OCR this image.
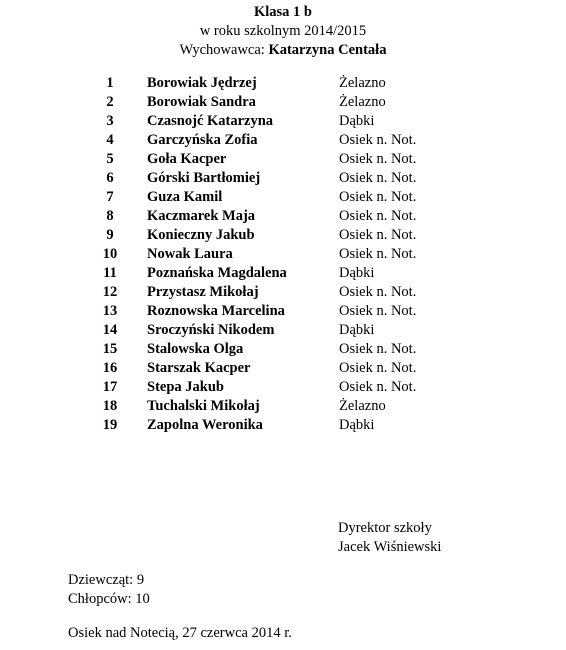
Klasa 1 b
w roku szkolnym 2014/2015
Wychowawca: Katarzyna Centała
1	Borowiak Jędrzej	Żelazno
2	Borowiak Sandra	Żelazno
3	Czasnojć Katarzyna	Dąbki
4	Garczyńska Zofia	Osiek n. Not.
5	Goła Kacper	Osiek n. Not.
6	Górski Bartłomiej	Osiek n. Not.
7	Guza Kamil	Osiek n. Not.
8	Kaczmarek Maja	Osiek n. Not.
9	Konieczny Jakub	Osiek n. Not.
10	Nowak Laura	Osiek n. Not.
11	Poznańska Magdalena	Dąbki
12	Przystasz Mikołaj	Osiek n. Not.
13	Roznowska Marcelina	Osiek n. Not.
14	Sroczyński Nikodem	Dąbki
15	Stalowska Olga	Osiek n. Not.
16	Starszak Kacper	Osiek n. Not.
17	Stepa Jakub	Osiek n. Not.
18	Tuchalski Mikołaj	Żelazno
19	Zapolna Weronika	Dąbki
Dyrektor szkoły
Jacek Wiśniewski
Dziewcząt: 9
Chłopców: 10
Osiek nad Notecią, 27 czerwca 2014 r.
